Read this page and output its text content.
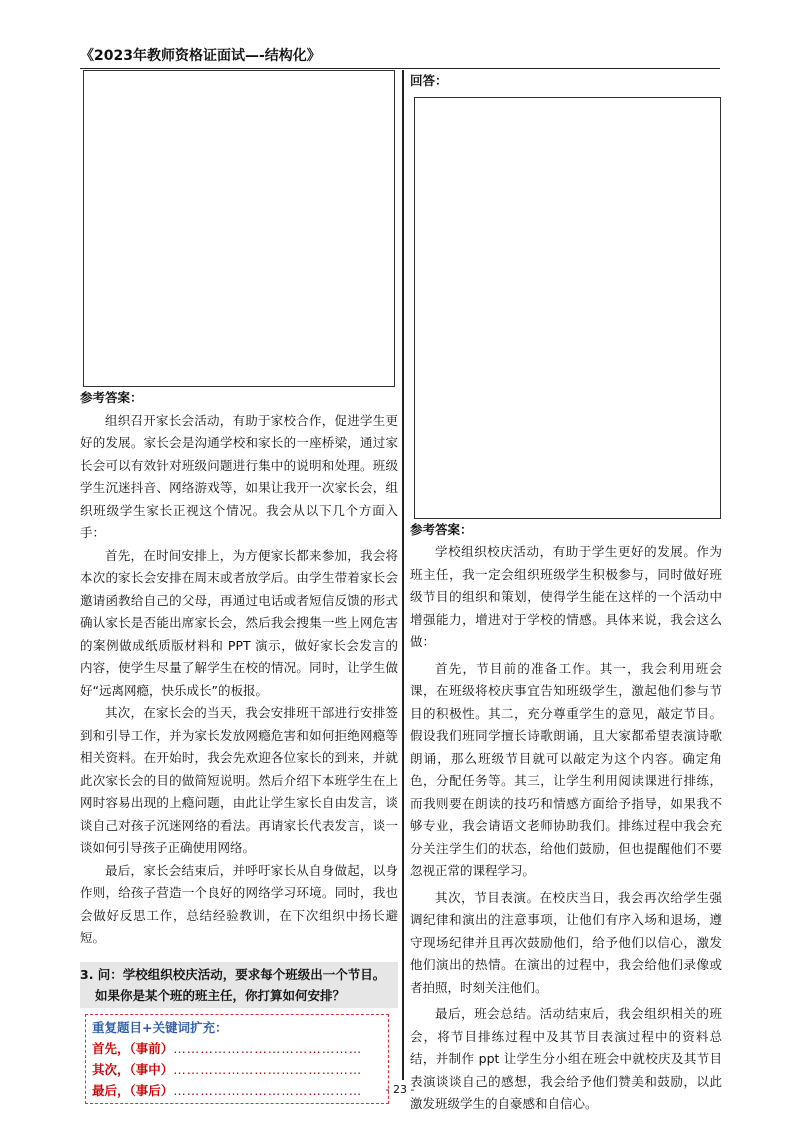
《2023年教师资格证面试—-结构化》
参考答案：

组织召开家长会活动，有助于家校合作，促进学生更好的发展。家长会是沟通学校和家长的一座桥梁，通过家长会可以有效针对班级问题进行集中的说明和处理。班级学生沉迷抖音、网络游戏等，如果让我开一次家长会，组织班级学生家长正视这个情况。我会从以下几个方面入手：

首先，在时间安排上，为方便家长都来参加，我会将本次的家长会安排在周末或者放学后。由学生带着家长会邀请函教给自己的父母，再通过电话或者短信反馈的形式确认家长是否能出席家长会，然后我会搜集一些上网危害的案例做成纸质版材料和 PPT 演示，做好家长会发言的内容，使学生尽量了解学生在校的情况。同时，让学生做好“远离网瘾，快乐成长”的板报。

其次，在家长会的当天，我会安排班干部进行安排签到和引导工作，并为家长发放网瘾危害和如何拒绝网瘾等相关资料。在开始时，我会先欢迎各位家长的到来，并就此次家长会的目的做简短说明。然后介绍下本班学生在上网时容易出现的上瘾问题，由此让学生家长自由发言，谈谈自己对孩子沉迷网络的看法。再请家长代表发言，谈一谈如何引导孩子正确使用网络。

最后，家长会结束后，并呼吁家长从自身做起，以身作则，给孩子营造一个良好的网络学习环境。同时，我也会做好反思工作，总结经验教训，在下次组织中扬长避短。

3. 问：学校组织校庆活动，要求每个班级出一个节目。
如果你是某个班的班主任，你打算如何安排？
重复题目+关键词扩充：
首先，（事前）……………………………………
其次，（事中）……………………………………
最后，（事后）……………………………………
回答：
参考答案：

学校组织校庆活动，有助于学生更好的发展。作为班主任，我一定会组织班级学生积极参与，同时做好班级节目的组织和策划，使得学生能在这样的一个活动中增强能力，增进对于学校的情感。具体来说，我会这么做：

首先，节目前的准备工作。其一，我会利用班会课，在班级将校庆事宜告知班级学生，激起他们参与节目的积极性。其二，充分尊重学生的意见，敲定节目。假设我们班同学擅长诗歌朗诵，且大家都希望表演诗歌朗诵，那么班级节目就可以敲定为这个内容。确定角色，分配任务等。其三，让学生利用阅读课进行排练，而我则要在朗读的技巧和情感方面给予指导，如果我不够专业，我会请语文老师协助我们。排练过程中我会充分关注学生们的状态，给他们鼓励，但也提醒他们不要忽视正常的课程学习。

其次，节目表演。在校庆当日，我会再次给学生强调纪律和演出的注意事项，让他们有序入场和退场，遵守现场纪律并且再次鼓励他们，给予他们以信心，激发他们演出的热情。在演出的过程中，我会给他们录像或者拍照，时刻关注他们。

最后，班会总结。活动结束后，我会组织相关的班会，将节目排练过程中及其节目表演过程中的资料总结，并制作 ppt 让学生分小组在班会中就校庆及其节目表演谈谈自己的感想，我会给予他们赞美和鼓励，以此激发班级学生的自豪感和自信心。

- 23 -
